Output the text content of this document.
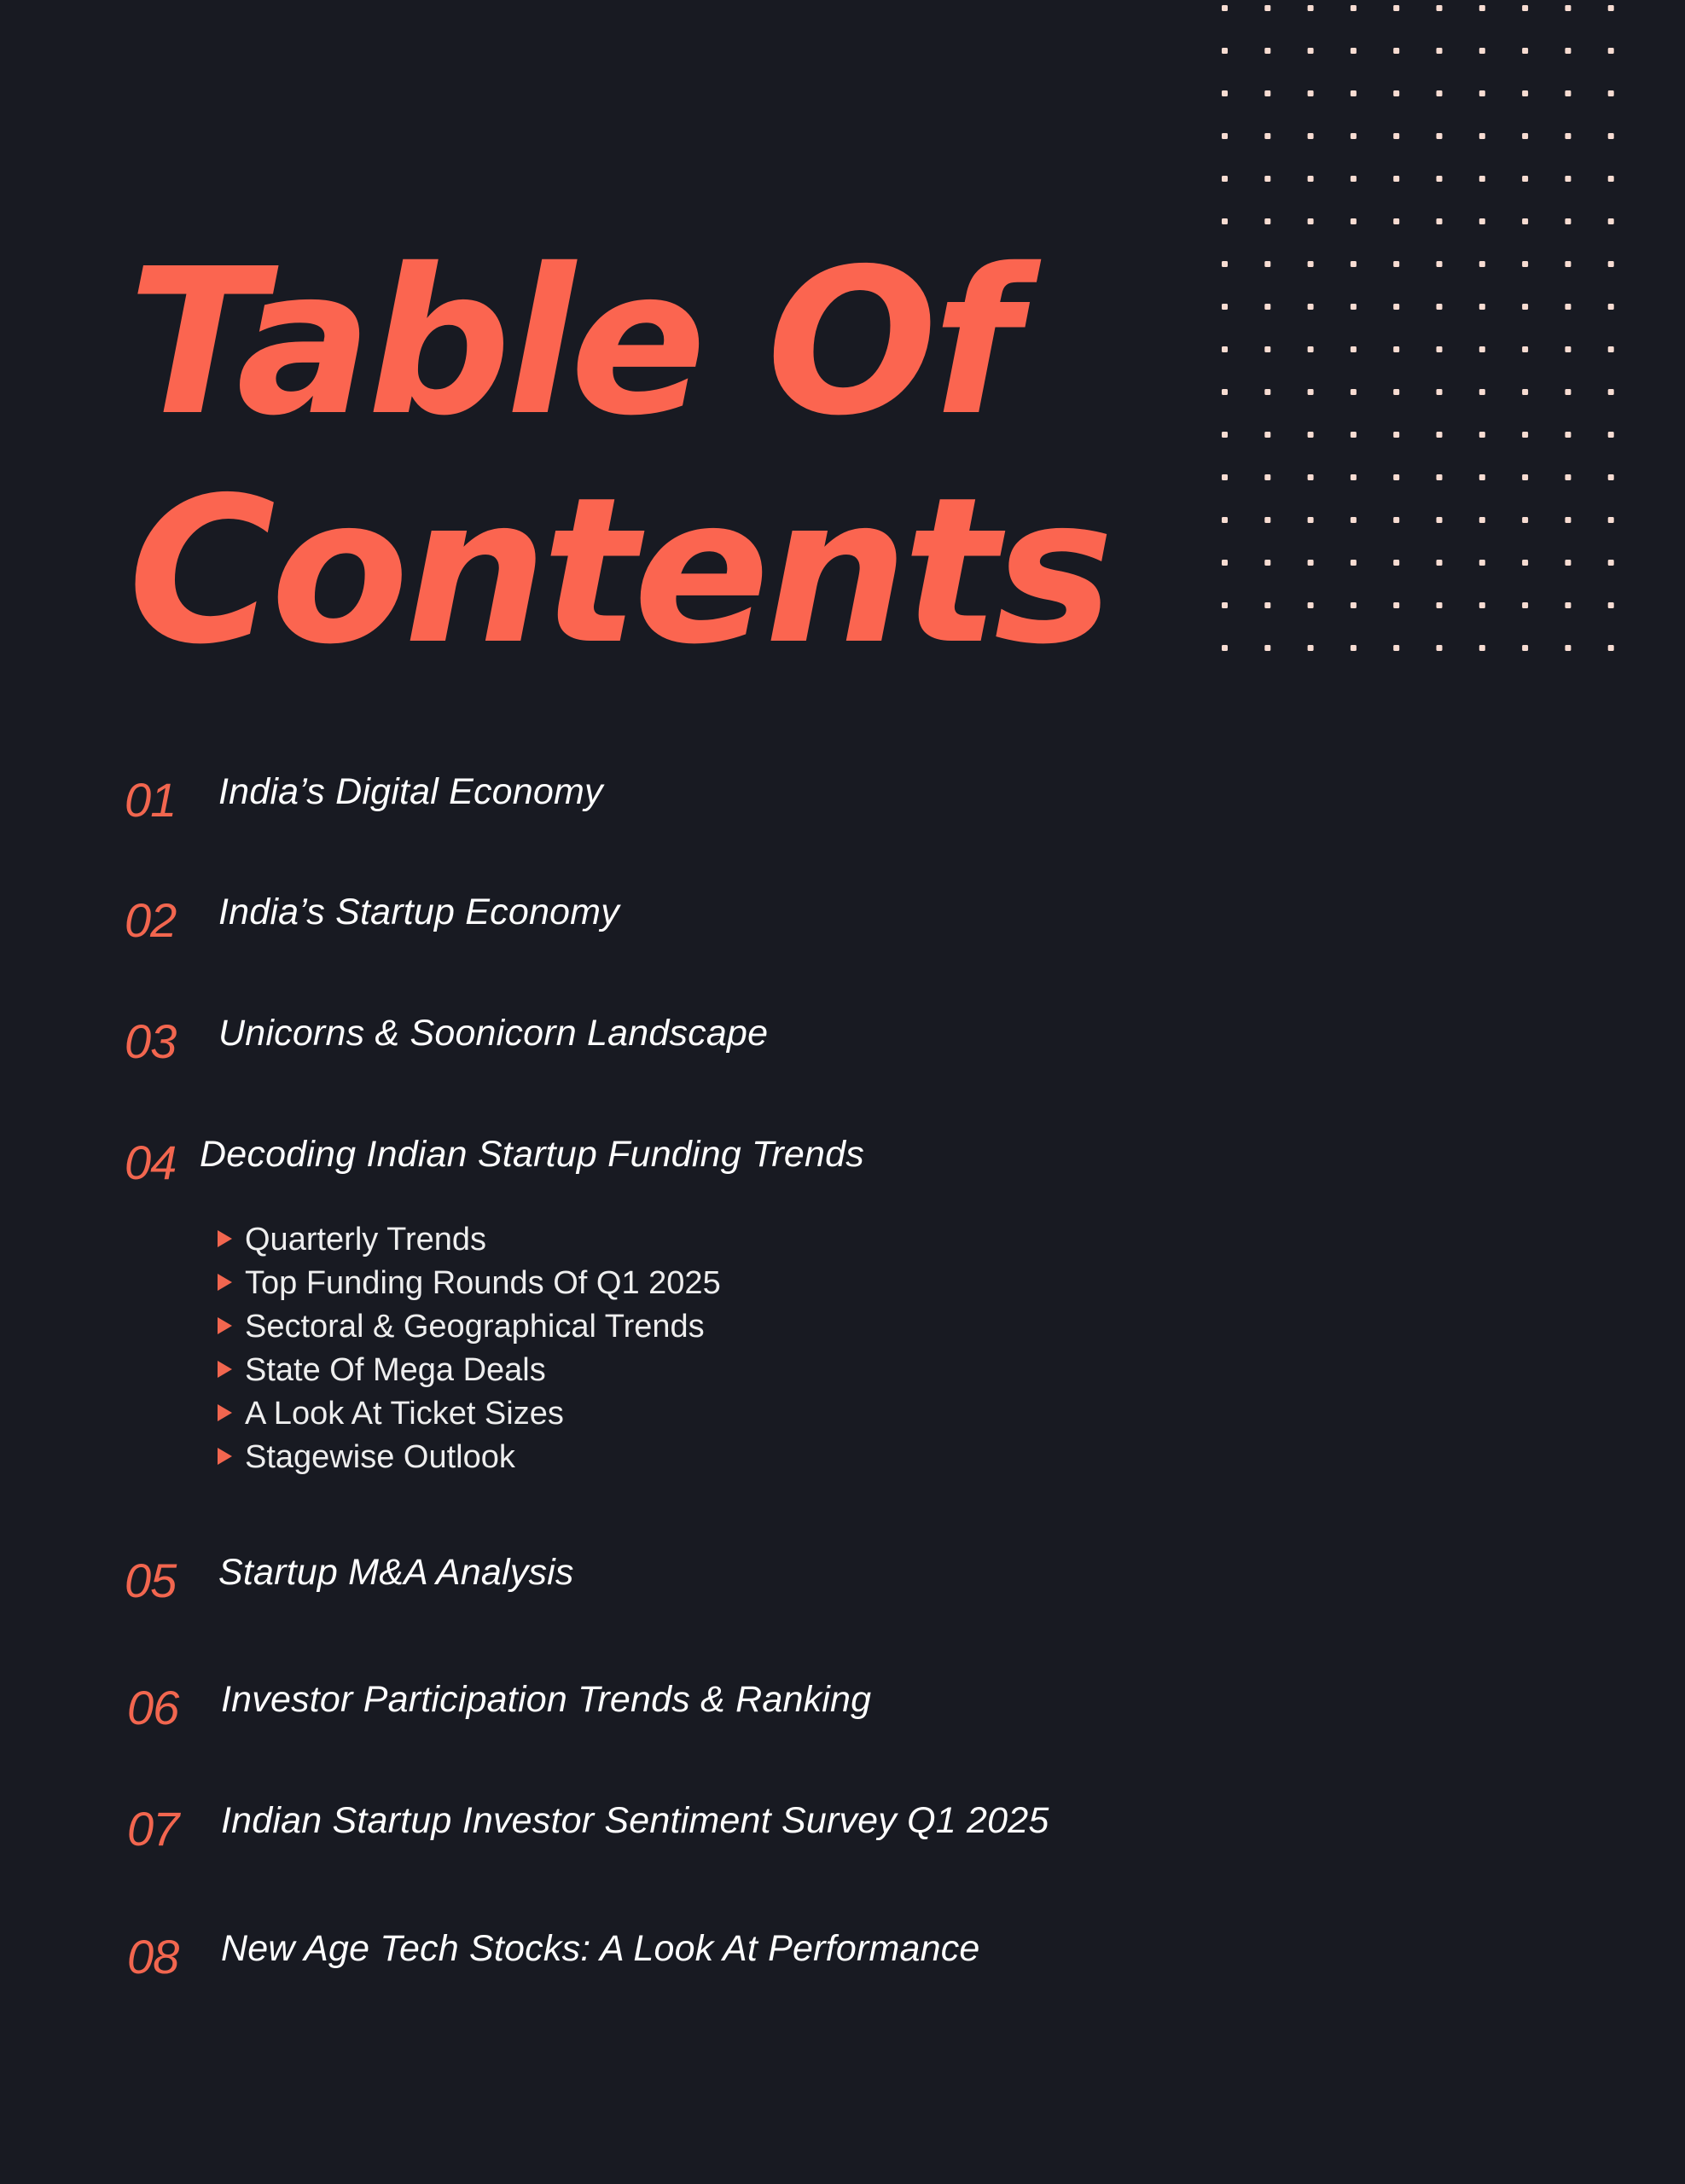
Table Of
Contents
01 India’s Digital Economy
02 India’s Startup Economy
03 Unicorns & Soonicorn Landscape
04 Decoding Indian Startup Funding Trends
Quarterly Trends
Top Funding Rounds Of Q1 2025
Sectoral & Geographical Trends
State Of Mega Deals
A Look At Ticket Sizes
Stagewise Outlook
05 Startup M&A Analysis
06 Investor Participation Trends & Ranking
07 Indian Startup Investor Sentiment Survey Q1 2025
08 New Age Tech Stocks: A Look At Performance
